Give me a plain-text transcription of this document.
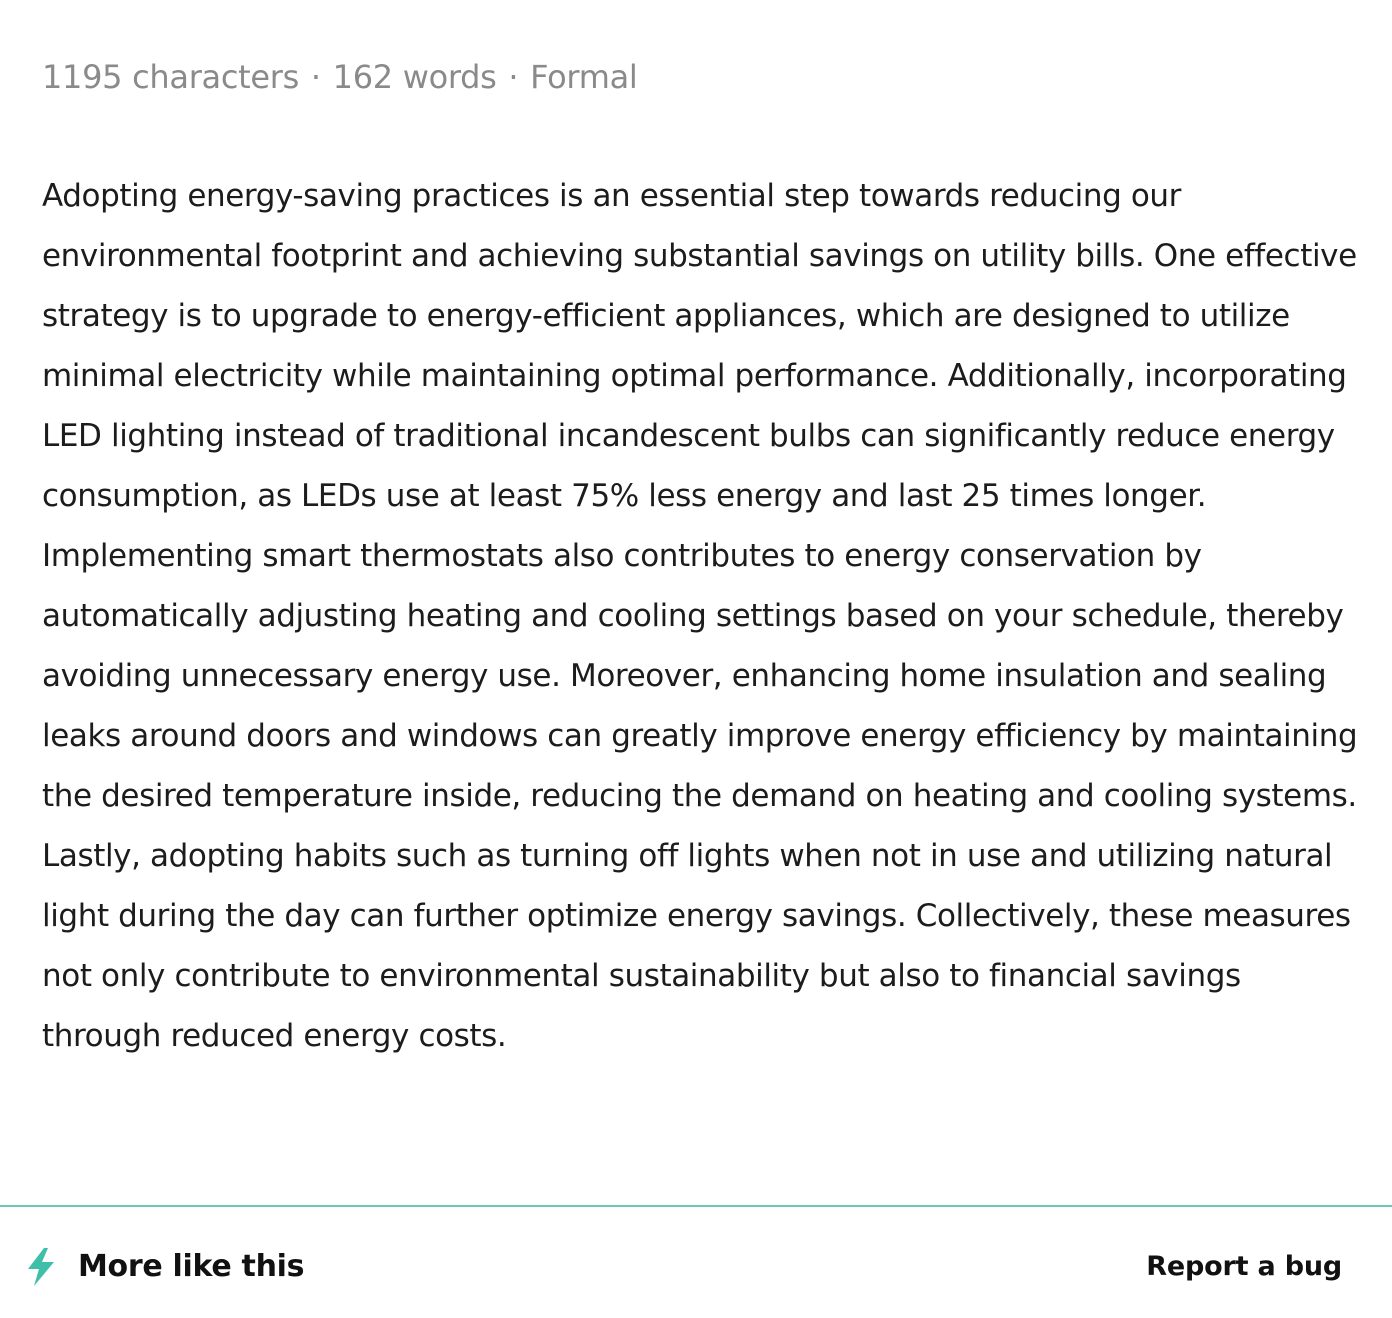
1195 characters · 162 words · Formal

Adopting energy-saving practices is an essential step towards reducing our environmental footprint and achieving substantial savings on utility bills. One effective strategy is to upgrade to energy-efficient appliances, which are designed to utilize minimal electricity while maintaining optimal performance. Additionally, incorporating LED lighting instead of traditional incandescent bulbs can significantly reduce energy consumption, as LEDs use at least 75% less energy and last 25 times longer. Implementing smart thermostats also contributes to energy conservation by automatically adjusting heating and cooling settings based on your schedule, thereby avoiding unnecessary energy use. Moreover, enhancing home insulation and sealing leaks around doors and windows can greatly improve energy efficiency by maintaining the desired temperature inside, reducing the demand on heating and cooling systems. Lastly, adopting habits such as turning off lights when not in use and utilizing natural light during the day can further optimize energy savings. Collectively, these measures not only contribute to environmental sustainability but also to financial savings through reduced energy costs.

More like this	Report a bug
